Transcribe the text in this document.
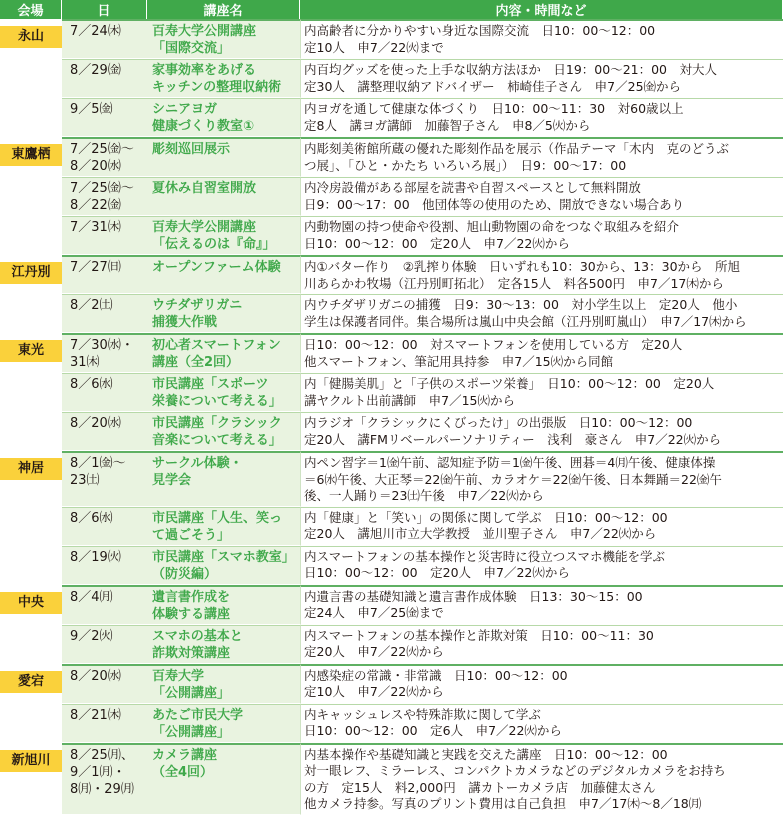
会場	日	講座名	内容・時間など

永山	7／24㈭	百寿大学公開講座
「国際交流」	内高齢者に分かりやすい身近な国際交流　日10：00～12：00
定10人　申7／22㈫まで

	8／29㈮	家事効率をあげる
キッチンの整理収納術	内百均グッズを使った上手な収納方法ほか　日19：00～21：00　対大人
定30人　講整理収納アドバイザー　柿崎佳子さん　申7／25㈮から

	9／5㈮	シニアヨガ
健康づくり教室①	内ヨガを通して健康な体づくり　日10：00～11：30　対60歳以上
定8人　講ヨガ講師　加藤智子さん　申8／5㈫から

東鷹栖	7／25㈮～
8／20㈬	彫刻巡回展示	内彫刻美術館所蔵の優れた彫刻作品を展示（作品テーマ「木内　克のどうぶ
つ展」、「ひと・かたち いろいろ展」）　日9：00～17：00

	7／25㈮～
8／22㈮	夏休み自習室開放	内冷房設備がある部屋を読書や自習スペースとして無料開放
日9：00～17：00　他団体等の使用のため、開放できない場合あり

	7／31㈭	百寿大学公開講座
「伝えるのは『命』」	内動物園の持つ使命や役割、旭山動物園の命をつなぐ取組みを紹介
日10：00～12：00　定20人　申7／22㈫から

江丹別	7／27㈰	オープンファーム体験	内①バター作り　②乳搾り体験　日いずれも10：30から、13：30から　所旭
川あらかわ牧場（江丹別町拓北）　定各15人　料各500円　申7／17㈭から

	8／2㈯	ウチダザリガニ
捕獲大作戦	内ウチダザリガニの捕獲　日9：30～13：00　対小学生以上　定20人　他小
学生は保護者同伴。集合場所は嵐山中央会館（江丹別町嵐山）　申7／17㈭から

東光	7／30㈬・
31㈭	初心者スマートフォン
講座（全2回）	日10：00～12：00　対スマートフォンを使用している方　定20人
他スマートフォン、筆記用具持参　申7／15㈫から同館

	8／6㈬	市民講座「スポーツ
栄養について考える」	内「健腸美肌」と「子供のスポーツ栄養」　日10：00～12：00　定20人
講ヤクルト出前講師　申7／15㈫から

	8／20㈬	市民講座「クラシック
音楽について考える」	内ラジオ「クラシックにくびったけ」の出張版　日10：00～12：00
定20人　講FMリベールパーソナリティー　浅利　豪さん　申7／22㈫から

神居	8／1㈮～
23㈯	サークル体験・
見学会	内ペン習字＝1㈮午前、認知症予防＝1㈮午後、囲碁＝4㈪午後、健康体操
＝6㈬午後、大正琴＝22㈮午前、カラオケ＝22㈮午後、日本舞踊＝22㈮午
後、一人踊り＝23㈯午後　申7／22㈫から

	8／6㈬	市民講座「人生、笑っ
て過ごそう」	内「健康」と「笑い」の関係に関して学ぶ　日10：00～12：00
定20人　講旭川市立大学教授　並川聖子さん　申7／22㈫から

	8／19㈫	市民講座「スマホ教室」
（防災編）	内スマートフォンの基本操作と災害時に役立つスマホ機能を学ぶ
日10：00～12：00　定20人　申7／22㈫から

中央	8／4㈪	遺言書作成を
体験する講座	内遺言書の基礎知識と遺言書作成体験　日13：30～15：00
定24人　申7／25㈮まで

	9／2㈫	スマホの基本と
詐欺対策講座	内スマートフォンの基本操作と詐欺対策　日10：00～11：30
定20人　申7／22㈫から

愛宕	8／20㈬	百寿大学
「公開講座」	内感染症の常識・非常識　日10：00～12：00
定10人　申7／22㈫から

	8／21㈭	あたご市民大学
「公開講座」	内キャッシュレスや特殊詐欺に関して学ぶ
日10：00～12：00　定6人　申7／22㈫から

新旭川	8／25㈪、
9／1㈪・
8㈪・29㈪	カメラ講座
（全4回）	内基本操作や基礎知識と実践を交えた講座　日10：00～12：00
対一眼レフ、ミラーレス、コンパクトカメラなどのデジタルカメラをお持ち
の方　定15人　料2,000円　講カトーカメラ店　加藤健太さん
他カメラ持参。写真のプリント費用は自己負担　申7／17㈭～8／18㈪
